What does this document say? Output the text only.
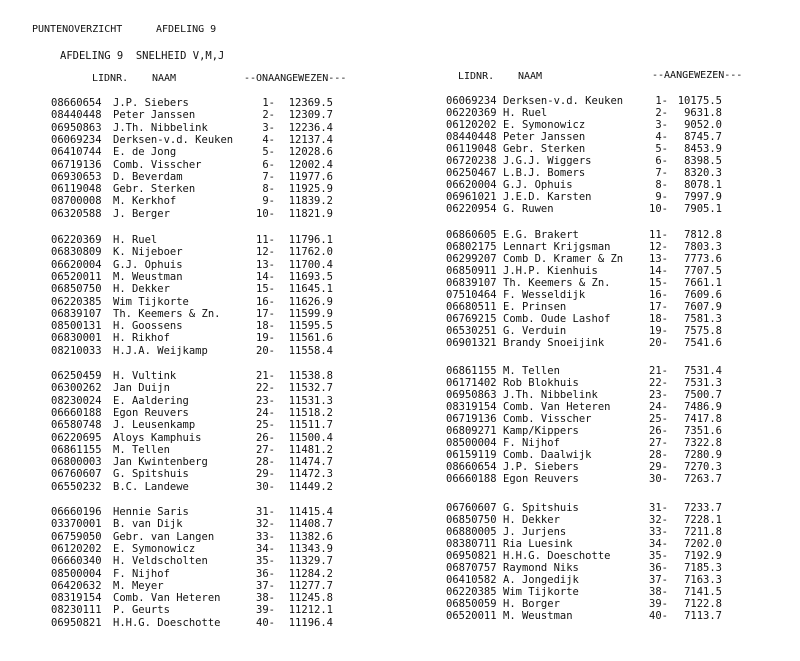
PUNTENOVERZICHT	AFDELING 9
AFDELING 9  SNELHEID V,M,J
LIDNR. NAAM	--ONAANGEWEZEN---	LIDNR. NAAM	--AANGEWEZEN---
08660654 J.P. Siebers	1- 12369.5
08440448 Peter Janssen	2- 12309.7
06950863 J.Th. Nibbelink	3- 12236.4
06069234 Derksen-v.d. Keuken	4- 12137.4
06410744 E. de Jong	5- 12028.6
06719136 Comb. Visscher	6- 12002.4
06930653 D. Beverdam	7- 11977.6
06119048 Gebr. Sterken	8- 11925.9
08700008 M. Kerkhof	9- 11839.2
06320588 J. Berger	10- 11821.9
06220369 H. Ruel	11- 11796.1
06830809 K. Nijeboer	12- 11762.0
06620004 G.J. Ophuis	13- 11700.4
06520011 M. Weustman	14- 11693.5
06850750 H. Dekker	15- 11645.1
06220385 Wim Tijkorte	16- 11626.9
06839107 Th. Keemers & Zn.	17- 11599.9
08500131 H. Goossens	18- 11595.5
06830001 H. Rikhof	19- 11561.6
08210033 H.J.A. Weijkamp	20- 11558.4
06250459 H. Vultink	21- 11538.8
06300262 Jan Duijn	22- 11532.7
08230024 E. Aaldering	23- 11531.3
06660188 Egon Reuvers	24- 11518.2
06580748 J. Leusenkamp	25- 11511.7
06220695 Aloys Kamphuis	26- 11500.4
06861155 M. Tellen	27- 11481.2
06800003 Jan Kwintenberg	28- 11474.7
06760607 G. Spitshuis	29- 11472.3
06550232 B.C. Landewe	30- 11449.2
06660196 Hennie Saris	31- 11415.4
03370001 B. van Dijk	32- 11408.7
06759050 Gebr. van Langen	33- 11382.6
06120202 E. Symonowicz	34- 11343.9
06660340 H. Veldscholten	35- 11329.7
08500004 F. Nijhof	36- 11284.2
06420632 M. Meyer	37- 11277.7
08319154 Comb. Van Heteren	38- 11245.8
08230111 P. Geurts	39- 11212.1
06950821 H.H.G. Doeschotte	40- 11196.4
06069234 Derksen-v.d. Keuken	1- 10175.5
06220369 H. Ruel	2- 9631.8
06120202 E. Symonowicz	3- 9052.0
08440448 Peter Janssen	4- 8745.7
06119048 Gebr. Sterken	5- 8453.9
06720238 J.G.J. Wiggers	6- 8398.5
06250467 L.B.J. Bomers	7- 8320.3
06620004 G.J. Ophuis	8- 8078.1
06961021 J.E.D. Karsten	9- 7997.9
06220954 G. Ruwen	10- 7905.1
06860605 E.G. Brakert	11- 7812.8
06802175 Lennart Krijgsman	12- 7803.3
06299207 Comb D. Kramer & Zn 13- 7773.6
06850911 J.H.P. Kienhuis	14- 7707.5
06839107 Th. Keemers & Zn.	15- 7661.1
07510464 F. Wesseldijk	16- 7609.6
06680511 E. Prinsen	17- 7607.9
06769215 Comb. Oude Lashof	18- 7581.3
06530251 G. Verduin	19- 7575.8
06901321 Brandy Snoeijink	20- 7541.6
06861155 M. Tellen	21- 7531.4
06171402 Rob Blokhuis	22- 7531.3
06950863 J.Th. Nibbelink	23- 7500.7
08319154 Comb. Van Heteren	24- 7486.9
06719136 Comb. Visscher	25- 7417.8
06809271 Kamp/Kippers	26- 7351.6
08500004 F. Nijhof	27- 7322.8
06159119 Comb. Daalwijk	28- 7280.9
08660654 J.P. Siebers	29- 7270.3
06660188 Egon Reuvers	30- 7263.7
06760607 G. Spitshuis	31- 7233.7
06850750 H. Dekker	32- 7228.1
06880005 J. Jurjens	33- 7211.8
08380711 Ria Luesink	34- 7202.0
06950821 H.H.G. Doeschotte	35- 7192.9
06870757 Raymond Niks	36- 7185.3
06410582 A. Jongedijk	37- 7163.3
06220385 Wim Tijkorte	38- 7141.5
06850059 H. Borger	39- 7122.8
06520011 M. Weustman	40- 7113.7
